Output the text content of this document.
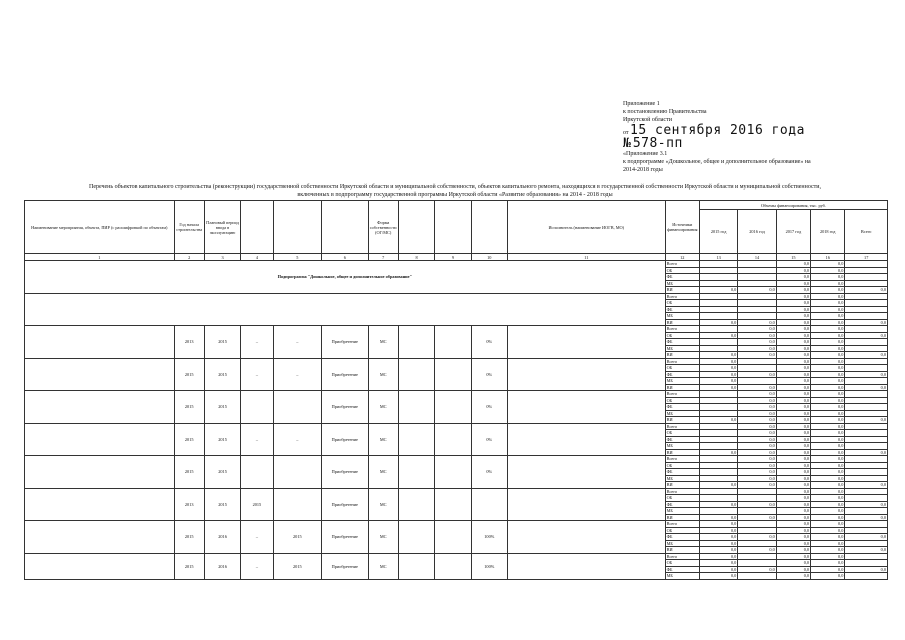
Приложение 1
к постановлению Правительства
Иркутской области
от 15 сентября 2016 года
№ 578-пп
«Приложение 3.1
к подпрограмме «Дошкольное, общее и дополнительное образование» на
2014-2018 годы
Перечень объектов капитального строительства (реконструкции) государственной собственности Иркутской области и муниципальной собственности, объектов капитального ремонта, находящихся в государственной собственности Иркутской области и муниципальной собственности,
включенных в подпрограмму государственной программы Иркутской области «Развитие образования» на 2014 - 2018 годы
Наименование мероприятия, объекта, ПИР (с расшифровкой по объектам)	Год начала строительства	Плановый период ввода в эксплуатацию				Форма собственности (ОГ/МС)				Исполнитель (наименование ИОГВ, МО)	Источники финансирования	Объемы финансирования, тыс. руб.				
												2015 год	2016 год	2017 год	2018 год	Всего
1	2	3	4	5	6	7	8	9	10	11	12	13	14	15	16	17
Подпрограмма "Дошкольное, общее и дополнительное образование"											Всего			0,0	0,0	
											ОБ			0,0	0,0	
											ФБ			0,0	0,0	
											МБ			0,0	0,0	
											ВИ	0,0	0,0	0,0	0,0	0,0
											Всего			0,0	0,0	
											ОБ			0,0	0,0	
											ФБ			0,0	0,0	
											МБ			0,0	0,0	
											ВИ	0,0	0,0	0,0	0,0	0,0
	2013	2015	–	–	Приобретение	МС			0%		Всего		0,0	0,0	0,0	
											ОБ	0,0	0,0	0,0	0,0	0,0
											ФБ		0,0	0,0	0,0	
											МБ		0,0	0,0	0,0	
											ВИ	0,0	0,0	0,0	0,0	0,0
	2015	2015	–	–	Приобретение	МС			0%		Всего	0,0		0,0	0,0	
											ОБ	0,0		0,0	0,0	
											ФБ	0,0	0,0	0,0	0,0	0,0
											МБ	0,0		0,0	0,0	
											ВИ	0,0	0,0	0,0	0,0	0,0
	2015	2015			Приобретение	МС			0%		Всего		0,0	0,0	0,0	
											ОБ		0,0	0,0	0,0	
											ФБ		0,0	0,0	0,0	
											МБ		0,0	0,0	0,0	
											ВИ	0,0	0,0	0,0	0,0	0,0
	2015	2015	–	–	Приобретение	МС			0%		Всего		0,0	0,0	0,0	
											ОБ		0,0	0,0	0,0	
											ФБ		0,0	0,0	0,0	
											МБ		0,0	0,0	0,0	
											ВИ	0,0	0,0	0,0	0,0	0,0
	2015	2015			Приобретение	МС			0%		Всего		0,0	0,0	0,0	
											ОБ		0,0	0,0	0,0	
											ФБ		0,0	0,0	0,0	
											МБ		0,0	0,0	0,0	
											ВИ	0,0	0,0	0,0	0,0	0,0
	2013	2015	2015		Приобретение	МС					Всего			0,0	0,0	
											ОБ			0,0	0,0	
											ФБ	0,0	0,0	0,0	0,0	0,0
											МБ			0,0	0,0	
											ВИ	0,0	0,0	0,0	0,0	0,0
	2015	2016	–	2015	Приобретение	МС			100%		Всего	0,0		0,0	0,0	
											ОБ	0,0		0,0	0,0	
											ФБ	0,0	0,0	0,0	0,0	0,0
											МБ	0,0		0,0	0,0	
											ВИ	0,0	0,0	0,0	0,0	0,0
	2015	2016	–	2015	Приобретение	МС			100%		Всего	0,0		0,0	0,0	
											ОБ	0,0		0,0	0,0	
											ФБ	0,0	0,0	0,0	0,0	0,0
											МБ	0,0		0,0	0,0	
